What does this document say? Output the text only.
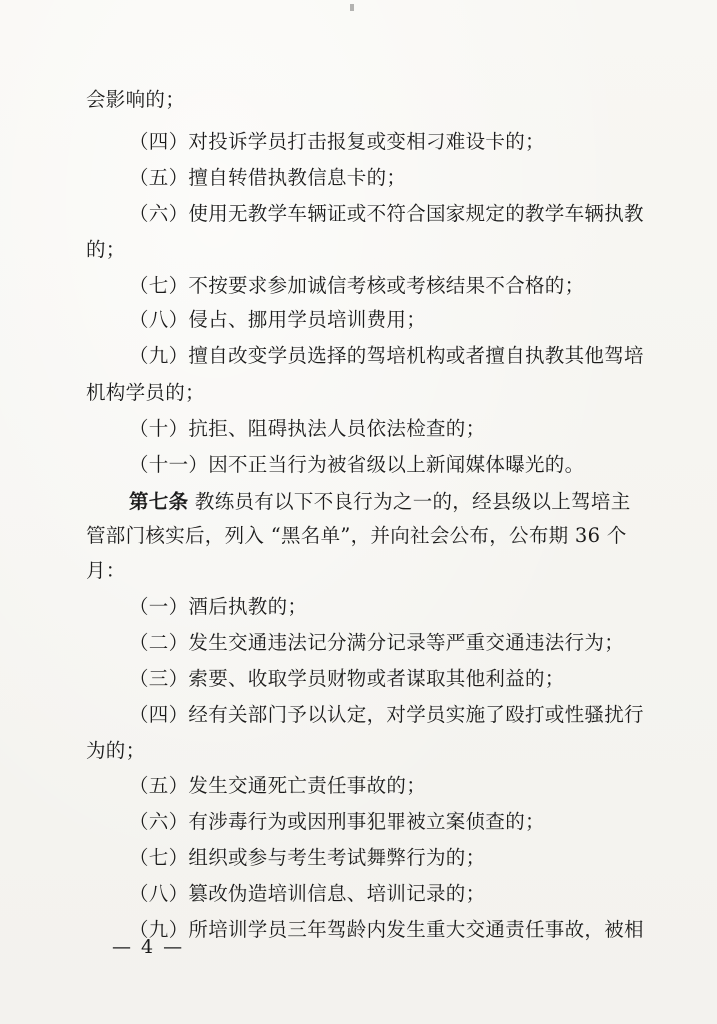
会影响的；
（四）对投诉学员打击报复或变相刁难设卡的；
（五）擅自转借执教信息卡的；
（六）使用无教学车辆证或不符合国家规定的教学车辆执教
的；
（七）不按要求参加诚信考核或考核结果不合格的；
（八）侵占、挪用学员培训费用；
（九）擅自改变学员选择的驾培机构或者擅自执教其他驾培
机构学员的；
（十）抗拒、阻碍执法人员依法检查的；
（十一）因不正当行为被省级以上新闻媒体曝光的。
第七条 教练员有以下不良行为之一的，经县级以上驾培主
管部门核实后，列入 “黑名单”，并向社会公布，公布期 36 个
月：
（一）酒后执教的；
（二）发生交通违法记分满分记录等严重交通违法行为；
（三）索要、收取学员财物或者谋取其他利益的；
（四）经有关部门予以认定，对学员实施了殴打或性骚扰行
为的；
（五）发生交通死亡责任事故的；
（六）有涉毒行为或因刑事犯罪被立案侦查的；
（七）组织或参与考生考试舞弊行为的；
（八）篡改伪造培训信息、培训记录的；
（九）所培训学员三年驾龄内发生重大交通责任事故，被相
— 4 —
